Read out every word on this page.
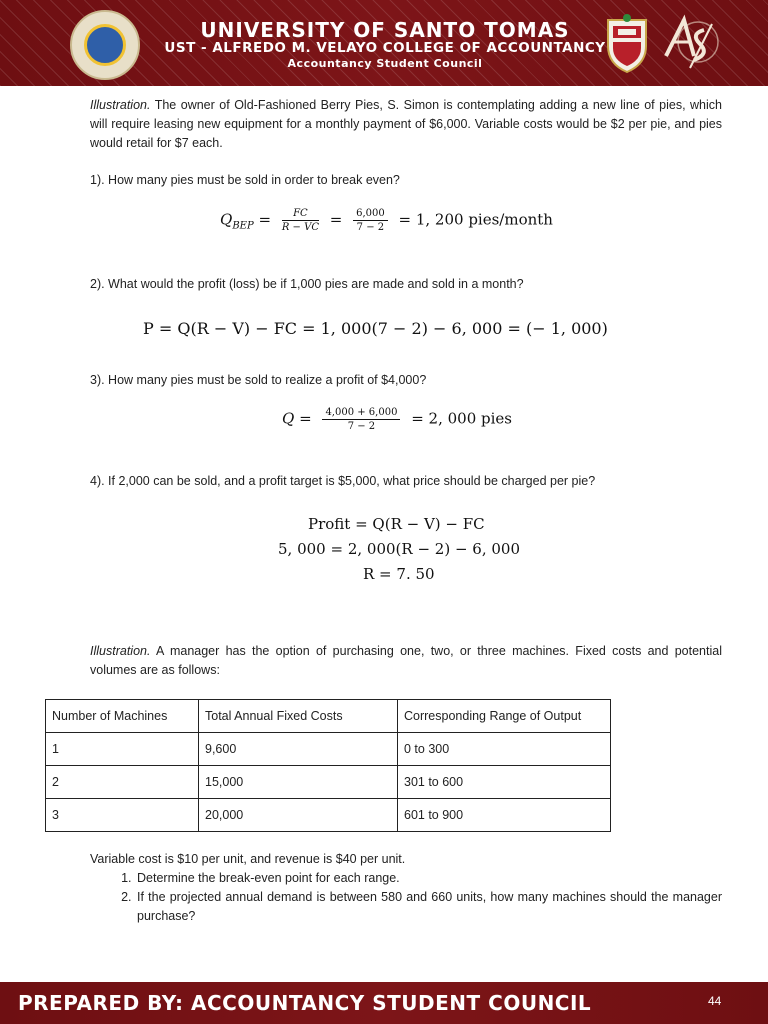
UNIVERSITY OF SANTO TOMAS
UST - ALFREDO M. VELAYO COLLEGE OF ACCOUNTANCY
Accountancy Student Council

Illustration. The owner of Old-Fashioned Berry Pies, S. Simon is contemplating adding a new line of pies, which will require leasing new equipment for a monthly payment of $6,000. Variable costs would be $2 per pie, and pies would retail for $7 each.

1). How many pies must be sold in order to break even?

$Q_{BEP} = \frac{FC}{R - VC} = \frac{6,000}{7 - 2} = 1$, 200 pies/month

2). What would the profit (loss) be if 1,000 pies are made and sold in a month?

P = Q(R − V) − FC = 1, 000(7 − 2) − 6, 000 = (− 1, 000)

3). How many pies must be sold to realize a profit of $4,000?

$Q = \frac{4,000 + 6,000}{7 - 2} = 2$, 000 pies

4). If 2,000 can be sold, and a profit target is $5,000, what price should be charged per pie?

Profit = Q(R − V) − FC
5, 000 = 2, 000(R − 2) − 6, 000
R = 7. 50

Illustration. A manager has the option of purchasing one, two, or three machines. Fixed costs and potential volumes are as follows:

Number of Machines	Total Annual Fixed Costs	Corresponding Range of Output
1	9,600	0 to 300
2	15,000	301 to 600
3	20,000	601 to 900

Variable cost is $10 per unit, and revenue is $40 per unit.

1. Determine the break-even point for each range.
2. If the projected annual demand is between 580 and 660 units, how many machines should the manager purchase?
PREPARED BY: ACCOUNTANCY STUDENT COUNCIL	44
